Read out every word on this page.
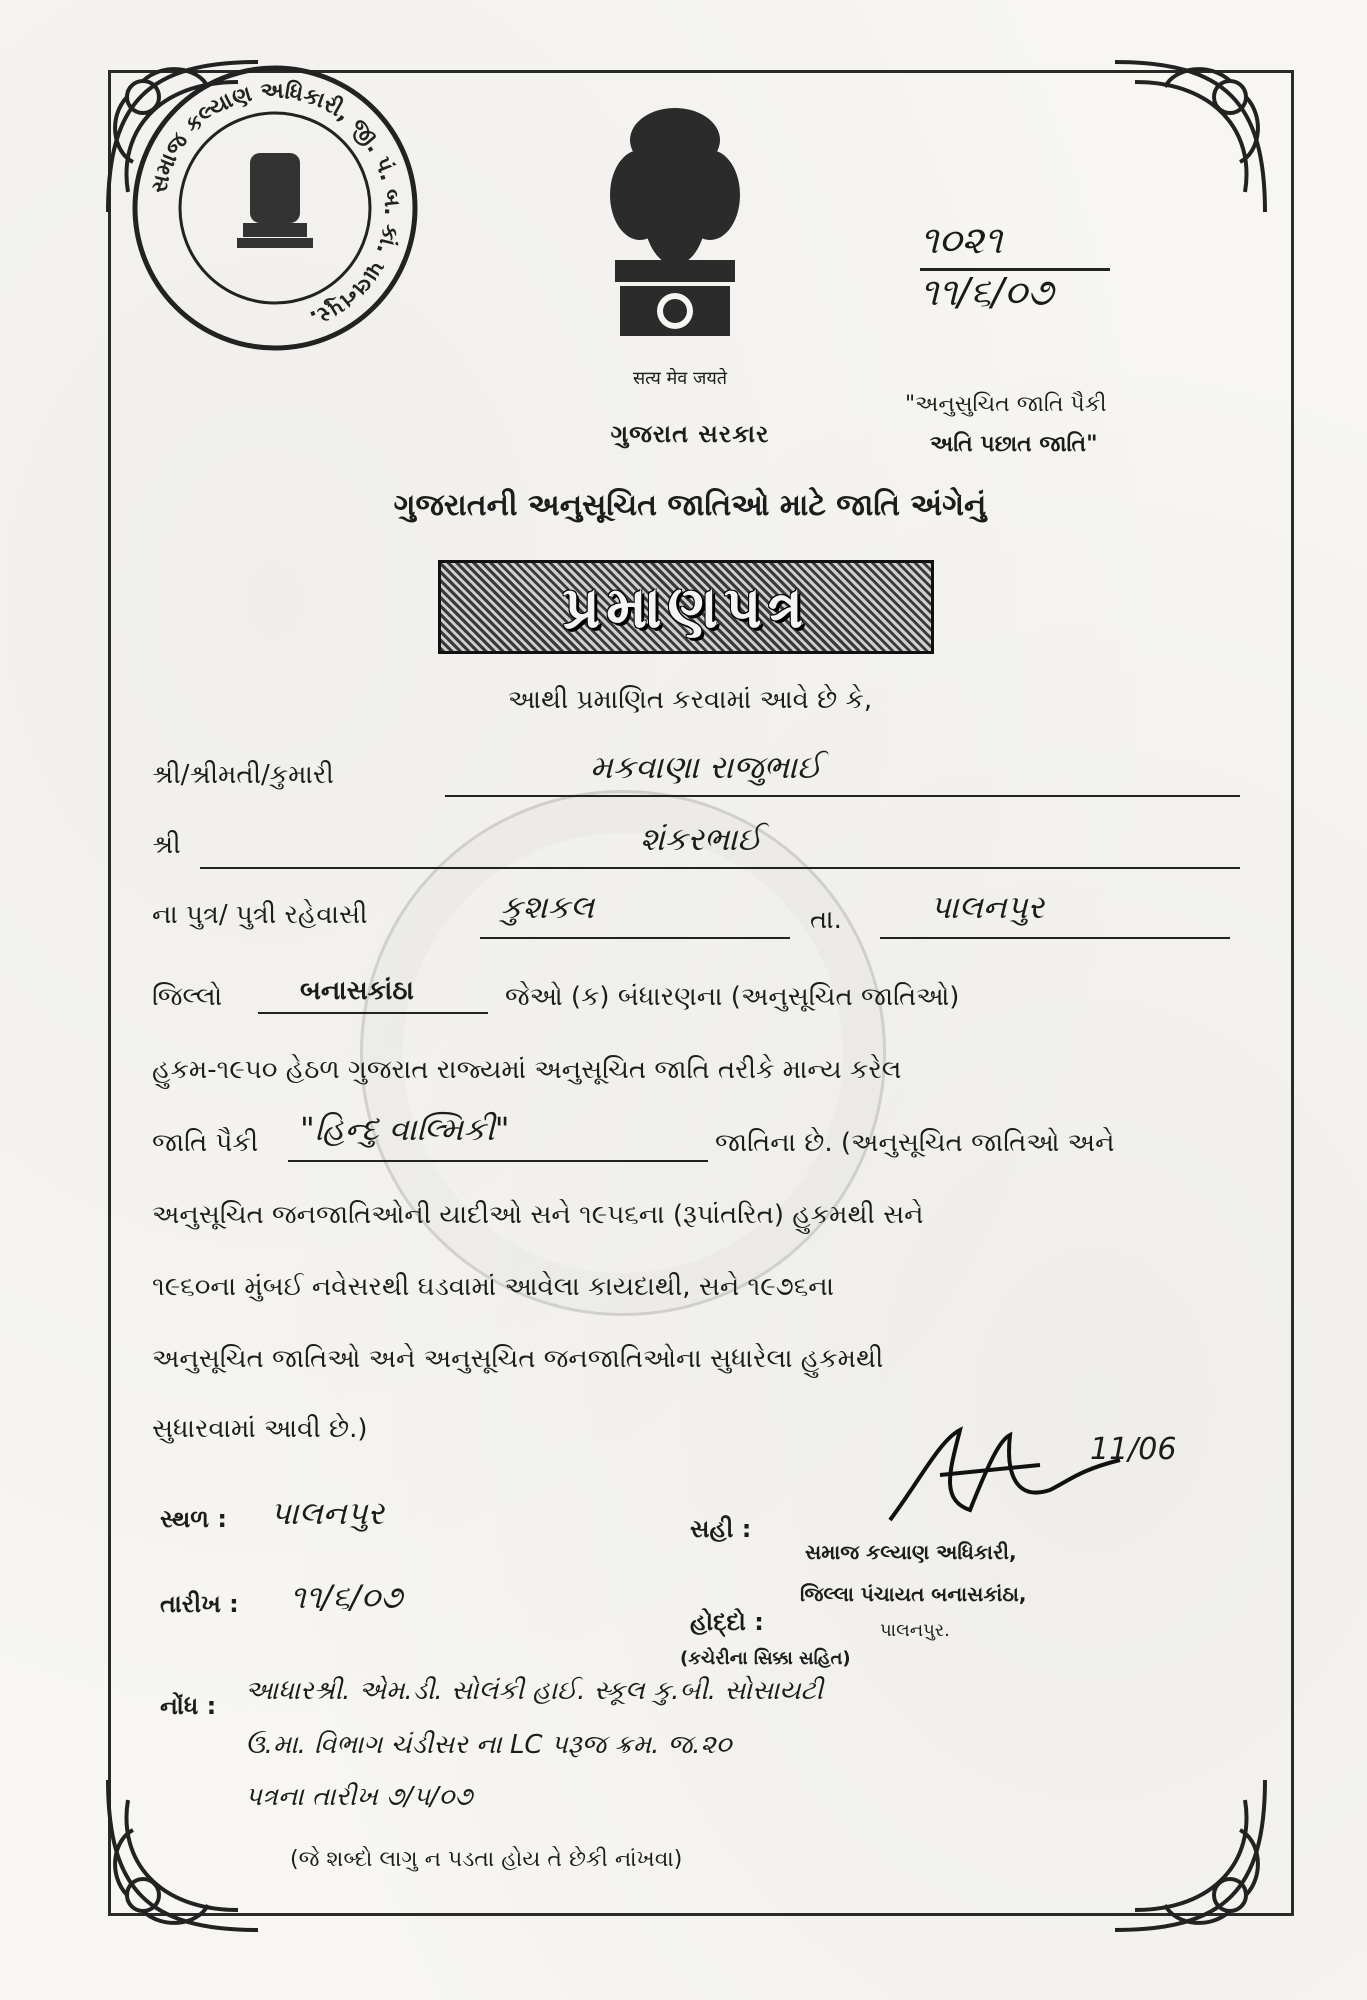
સમાજ કલ્યાણ અધિકારી, જી. પં. બ. કાં. પાલનપુર.
सत्य मेव जयते
ગુજરાત સરકાર
૧૦૨૧
૧૧/૬/૦૭
"અનુસુચિત જાતિ પૈકી
અતિ પછાત જાતિ"
ગુજરાતની અનુસૂચિત જાતિઓ માટે જાતિ અંગેનું
પ્રમાણપત્ર
આથી પ્રમાણિત કરવામાં આવે છે કે,
શ્રી/શ્રીમતી/કુમારી	મકવાણા રાજુભાઈ
શ્રી	શંકરભાઈ
ના પુત્ર/ પુત્રી રહેવાસી	કુશકલ	તા.	પાલનપુર
જિલ્લો	બનાસકાંઠા	જેઓ (ક) બંધારણના (અનુસૂચિત જાતિઓ)
હુકમ-૧૯૫૦ હેઠળ ગુજરાત રાજ્યમાં અનુસૂચિત જાતિ તરીકે માન્ય કરેલ
જાતિ પૈકી "હિન્દુ વાલ્મિકી"	જાતિના છે. (અનુસૂચિત જાતિઓ અને
અનુસૂચિત જનજાતિઓની યાદીઓ સને ૧૯૫૬ના (રૂપાંતરિત) હુકમથી સને
૧૯૬૦ના મુંબઈ નવેસરથી ઘડવામાં આવેલા કાયદાથી, સને ૧૯૭૬ના
અનુસૂચિત જાતિઓ અને અનુસૂચિત જનજાતિઓના સુધારેલા હુકમથી
સુધારવામાં આવી છે.)
11/06
સ્થળ : પાલનપુર	સહી :
સમાજ કલ્યાણ અધિકારી,
જિલ્લા પંચાયત બનાસકાંઠા,
પાલનપુર.
તારીખ : ૧૧/૬/૦૭
હોદ્દો :
(કચેરીના સિક્કા સહિત)
નોંધ : આધારશ્રી. એમ.ડી. સોલંકી હાઈ. સ્કૂલ કુ.બી. સોસાયટી
ઉ.મા. વિભાગ ચંડીસર ના LC પરૂજ ક્રમ. જ.૨૦
પત્રના તારીખ ૭/૫/૦૭
(જે શબ્દો લાગુ ન પડતા હોય તે છેકી નાંખવા)
